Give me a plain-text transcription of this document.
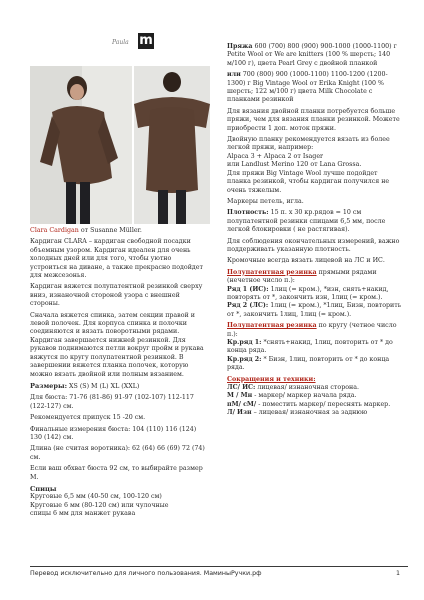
Paula m

Clara Cardigan от Susanne Müller.

Кардиган CLARA – кардиган свободной посадки объемным узором. Кардиган идеален для очень холодных дней или для того, чтобы уютно устроиться на диване, а также прекрасно подойдет для межсезонья.

Кардиган вяжется полупатентной резинкой сверху вниз, изнаночной стороной узора с внешней стороны.

Сначала вяжется спинка, затем секции правой и левой полочек. Для корпуса спинка и полочки соединяются и вязать поворотными рядами. Кардиган завершается нижней резинкой. Для рукавов поднимаются петли вокруг пройм и рукава вяжутся по кругу полупатентной резинкой. В завершении вяжется планка полочек, которую можно вязать двойной или полным вязанием.

Размеры: XS (S) M (L) XL (XXL)

Для бюста: 71-76 (81-86) 91-97 (102-107) 112-117 (122-127) см.

Рекомендуется припуск 15 -20 см.

Финальные измерения бюста: 104 (110) 116 (124) 130 (142) см.

Длина (не считая воротника): 62 (64) 66 (69) 72 (74) см.

Если ваш обхват бюста 92 см, то выбирайте размер M.

Спицы
Круговые 6,5 мм (40-50 см, 100-120 см)
Круговые 6 мм (80-120 см) или чулочные
спицы 6 мм для манжет рукава

Пряжа 600 (700) 800 (900) 900-1000 (1000-1100) г Petite Wool от We are knitters (100 % шерсть; 140 м/100 г), цвета Pearl Grey с двойной планкой

или 700 (800) 900 (1000-1100) 1100-1200 (1200-1300) г Big Vintage Wool от Erika Knight (100 % шерсть; 122 м/100 г) цвета Milk Chocolate с планками резинкой

Для вязания двойной планки потребуется больше пряжи, чем для вязания планки резинкой. Можете приобрести 1 доп. моток пряжи.

Двойную планку рекомендуется вязать из более легкой пряжи, например:
Alpaca 3 + Alpaca 2 от Isager
или Landlust Merino 120 от Lana Grossa.

Для пряжи Big Vintage Wool лучше подойдет планка резинкой, чтобы кардиган получился не очень тяжелым.

Маркеры петель, игла.

Плотность: 15 п. x 30 кр.рядов = 10 см полупатентной резинки спицами 6,5 мм, после легкой блокировки ( не растягивая).

Для соблюдения окончательных измерений, важно поддерживать указанную плотность.

Кромочные всегда вязать лицевой на ЛС и ИС.

Полупатентная резинка прямыми рядами (нечетное число п.):
Ряд 1 (ИС): 1лиц (= кром.), *изн, снять+накид, повторять от *, закончить изн, 1лиц (= кром.).

Ряд 2 (ЛС): 1лиц (= кром.), *1лиц, Бизн, повторить от *, закончить 1лиц, 1лиц (= кром.).

Полупатентная резинка по кругу (четное число п.):
Кр.ряд 1: *снять+накид, 1лиц, повторить от * до конца ряда.

Кр.ряд 2: * Бизн, 1лиц, повторить от * до конца ряда.

Сокращения и техники:
ЛС/ ИС: лицевая/ изнаночная сторона.
М / Мн - маркер/ маркер начала ряда.
пМ/ сМ/ - поместить маркер/ переснять маркер.
Л/ Изн – лицевая/ изнаночная за заднюю
Перевод исключительно для личного пользования. МаминыРучки.рф	1
